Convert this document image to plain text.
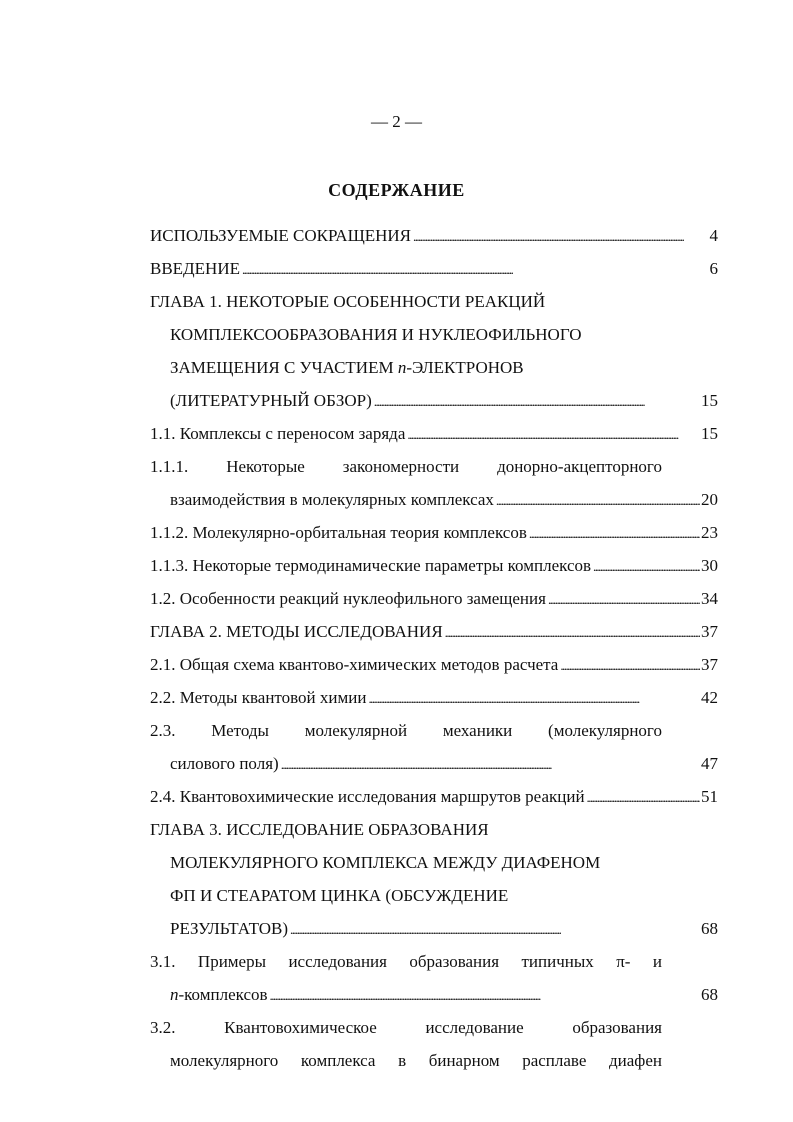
— 2 —
СОДЕРЖАНИЕ
ИСПОЛЬЗУЕМЫЕ СОКРАЩЕНИЯ . . .	4
ВВЕДЕНИЕ . . .	6
ГЛАВА 1. НЕКОТОРЫЕ ОСОБЕННОСТИ РЕАКЦИЙ
КОМПЛЕКСООБРАЗОВАНИЯ И НУКЛЕОФИЛЬНОГО
ЗАМЕЩЕНИЯ С УЧАСТИЕМ n-ЭЛЕКТРОНОВ
(ЛИТЕРАТУРНЫЙ ОБЗОР) . . .	15
1.1. Комплексы с переносом заряда . . .	15
1.1.1. Некоторые закономерности донорно-акцепторного
взаимодействия в молекулярных комплексах . . .	20
1.1.2. Молекулярно-орбитальная теория комплексов . . .	23
1.1.3. Некоторые термодинамические параметры комплексов . . .	30
1.2. Особенности реакций нуклеофильного замещения . . .	34
ГЛАВА 2. МЕТОДЫ ИССЛЕДОВАНИЯ . . .	37
2.1. Общая схема квантово-химических методов расчета . . .	37
2.2. Методы квантовой химии . . .	42
2.3. Методы молекулярной механики (молекулярного
силового поля) . . .	47
2.4. Квантовохимические исследования маршрутов реакций . . .	51
ГЛАВА 3. ИССЛЕДОВАНИЕ ОБРАЗОВАНИЯ
МОЛЕКУЛЯРНОГО КОМПЛЕКСА МЕЖДУ ДИАФЕНОМ
ФП И СТЕАРАТОМ ЦИНКА (ОБСУЖДЕНИЕ
РЕЗУЛЬТАТОВ) . . .	68
3.1. Примеры исследования образования типичных π- и
n-комплексов . . .	68
3.2.	Квантовохимическое	исследование	образования
молекулярного комплекса в бинарном расплаве диафен
